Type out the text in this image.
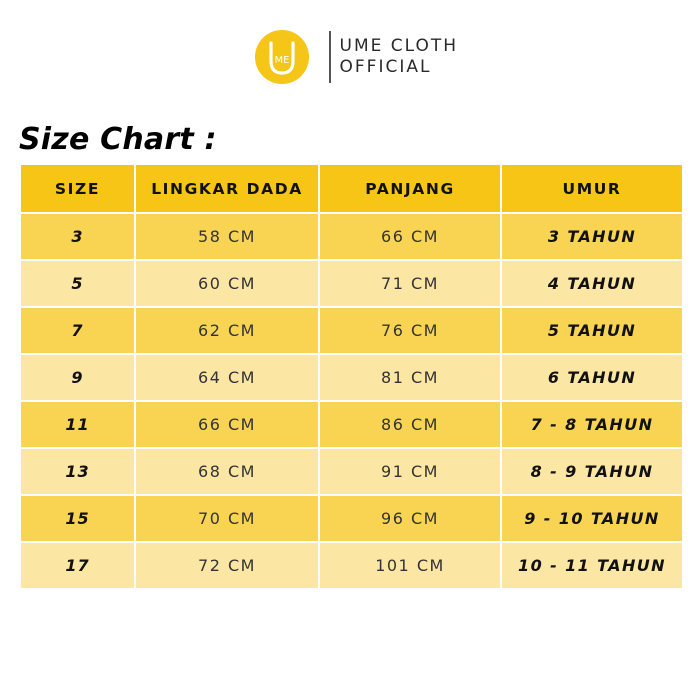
ME
UME CLOTH
OFFICIAL
Size Chart :
SIZE	LINGKAR DADA	PANJANG	UMUR
3	58 CM	66 CM	3 TAHUN
5	60 CM	71 CM	4 TAHUN
7	62 CM	76 CM	5 TAHUN
9	64 CM	81 CM	6 TAHUN
11	66 CM	86 CM	7 - 8 TAHUN
13	68 CM	91 CM	8 - 9 TAHUN
15	70 CM	96 CM	9 - 10 TAHUN
17	72 CM	101 CM	10 - 11 TAHUN
